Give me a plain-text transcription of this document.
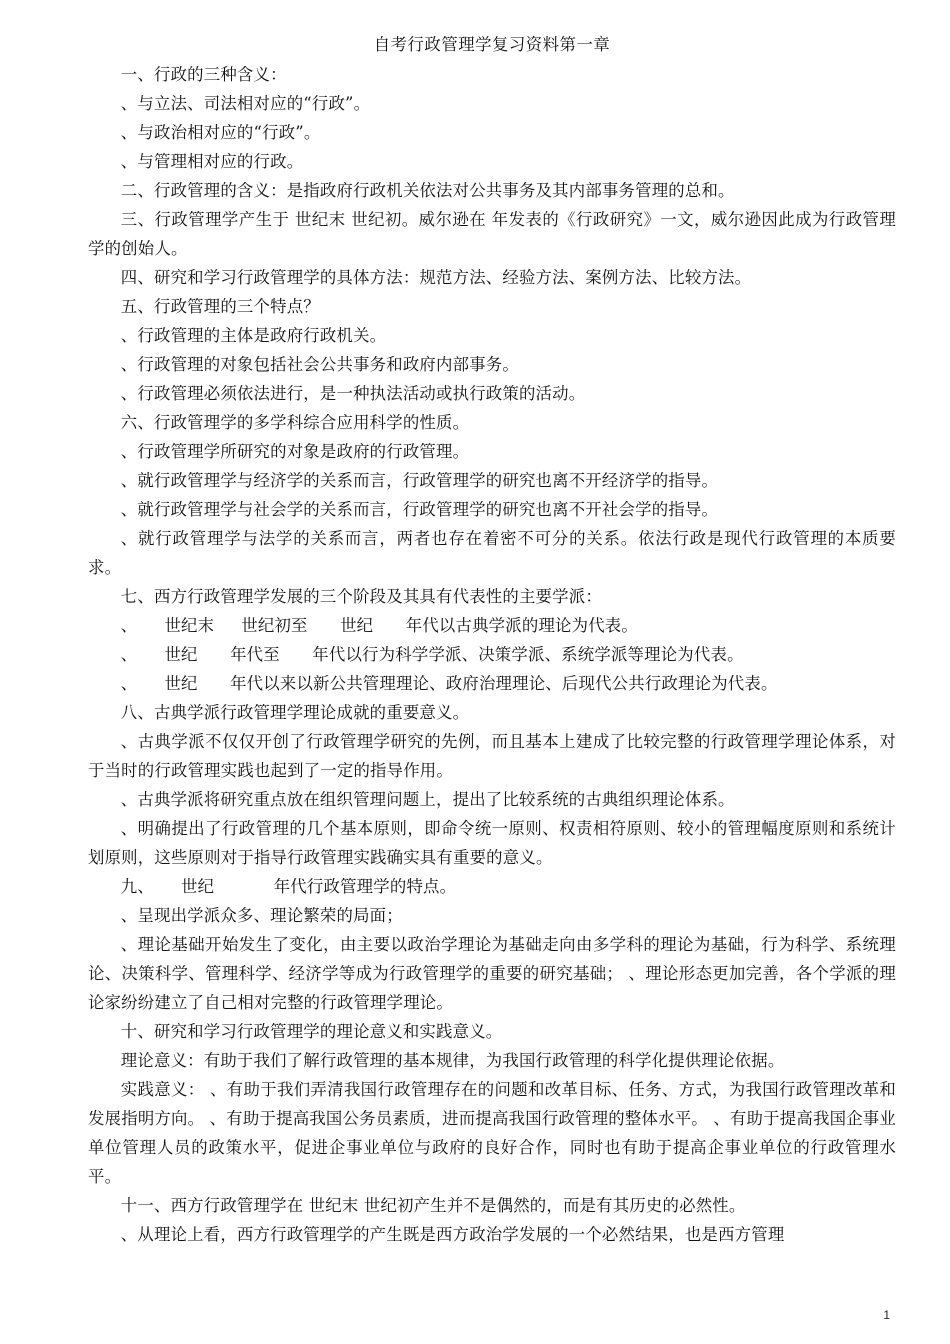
自考行政管理学复习资料第一章
一、行政的三种含义：
、与立法、司法相对应的“行政”。
、与政治相对应的“行政”。
、与管理相对应的行政。
二、行政管理的含义：是指政府行政机关依法对公共事务及其内部事务管理的总和。
三、行政管理学产生于 世纪末 世纪初。威尔逊在 年发表的《行政研究》一文，威尔逊因此成为行政管理学的创始人。
四、研究和学习行政管理学的具体方法：规范方法、经验方法、案例方法、比较方法。
五、行政管理的三个特点？
、行政管理的主体是政府行政机关。
、行政管理的对象包括社会公共事务和政府内部事务。
、行政管理必须依法进行，是一种执法活动或执行政策的活动。
六、行政管理学的多学科综合应用科学的性质。
、行政管理学所研究的对象是政府的行政管理。
、就行政管理学与经济学的关系而言，行政管理学的研究也离不开经济学的指导。
、就行政管理学与社会学的关系而言，行政管理学的研究也离不开社会学的指导。
、就行政管理学与法学的关系而言，两者也存在着密不可分的关系。依法行政是现代行政管理的本质要求。
七、西方行政管理学发展的三个阶段及其具有代表性的主要学派：
、     世纪末     世纪初至      世纪      年代以古典学派的理论为代表。
、     世纪      年代至      年代以行为科学学派、决策学派、系统学派等理论为代表。
、     世纪      年代以来以新公共管理理论、政府治理理论、后现代公共行政理论为代表。
八、古典学派行政管理学理论成就的重要意义。
、古典学派不仅仅开创了行政管理学研究的先例，而且基本上建成了比较完整的行政管理学理论体系，对于当时的行政管理实践也起到了一定的指导作用。
、古典学派将研究重点放在组织管理问题上，提出了比较系统的古典组织理论体系。
、明确提出了行政管理的几个基本原则，即命令统一原则、权责相符原则、较小的管理幅度原则和系统计划原则，这些原则对于指导行政管理实践确实具有重要的意义。
九、     世纪           年代行政管理学的特点。
、呈现出学派众多、理论繁荣的局面；
、理论基础开始发生了变化，由主要以政治学理论为基础走向由多学科的理论为基础，行为科学、系统理论、决策科学、管理科学、经济学等成为行政管理学的重要的研究基础； 、理论形态更加完善，各个学派的理论家纷纷建立了自己相对完整的行政管理学理论。
十、研究和学习行政管理学的理论意义和实践意义。
理论意义：有助于我们了解行政管理的基本规律，为我国行政管理的科学化提供理论依据。
实践意义： 、有助于我们弄清我国行政管理存在的问题和改革目标、任务、方式，为我国行政管理改革和发展指明方向。 、有助于提高我国公务员素质，进而提高我国行政管理的整体水平。 、有助于提高我国企事业单位管理人员的政策水平，促进企事业单位与政府的良好合作，同时也有助于提高企事业单位的行政管理水平。
十一、西方行政管理学在 世纪末 世纪初产生并不是偶然的，而是有其历史的必然性。
、从理论上看，西方行政管理学的产生既是西方政治学发展的一个必然结果，也是西方管理
1
